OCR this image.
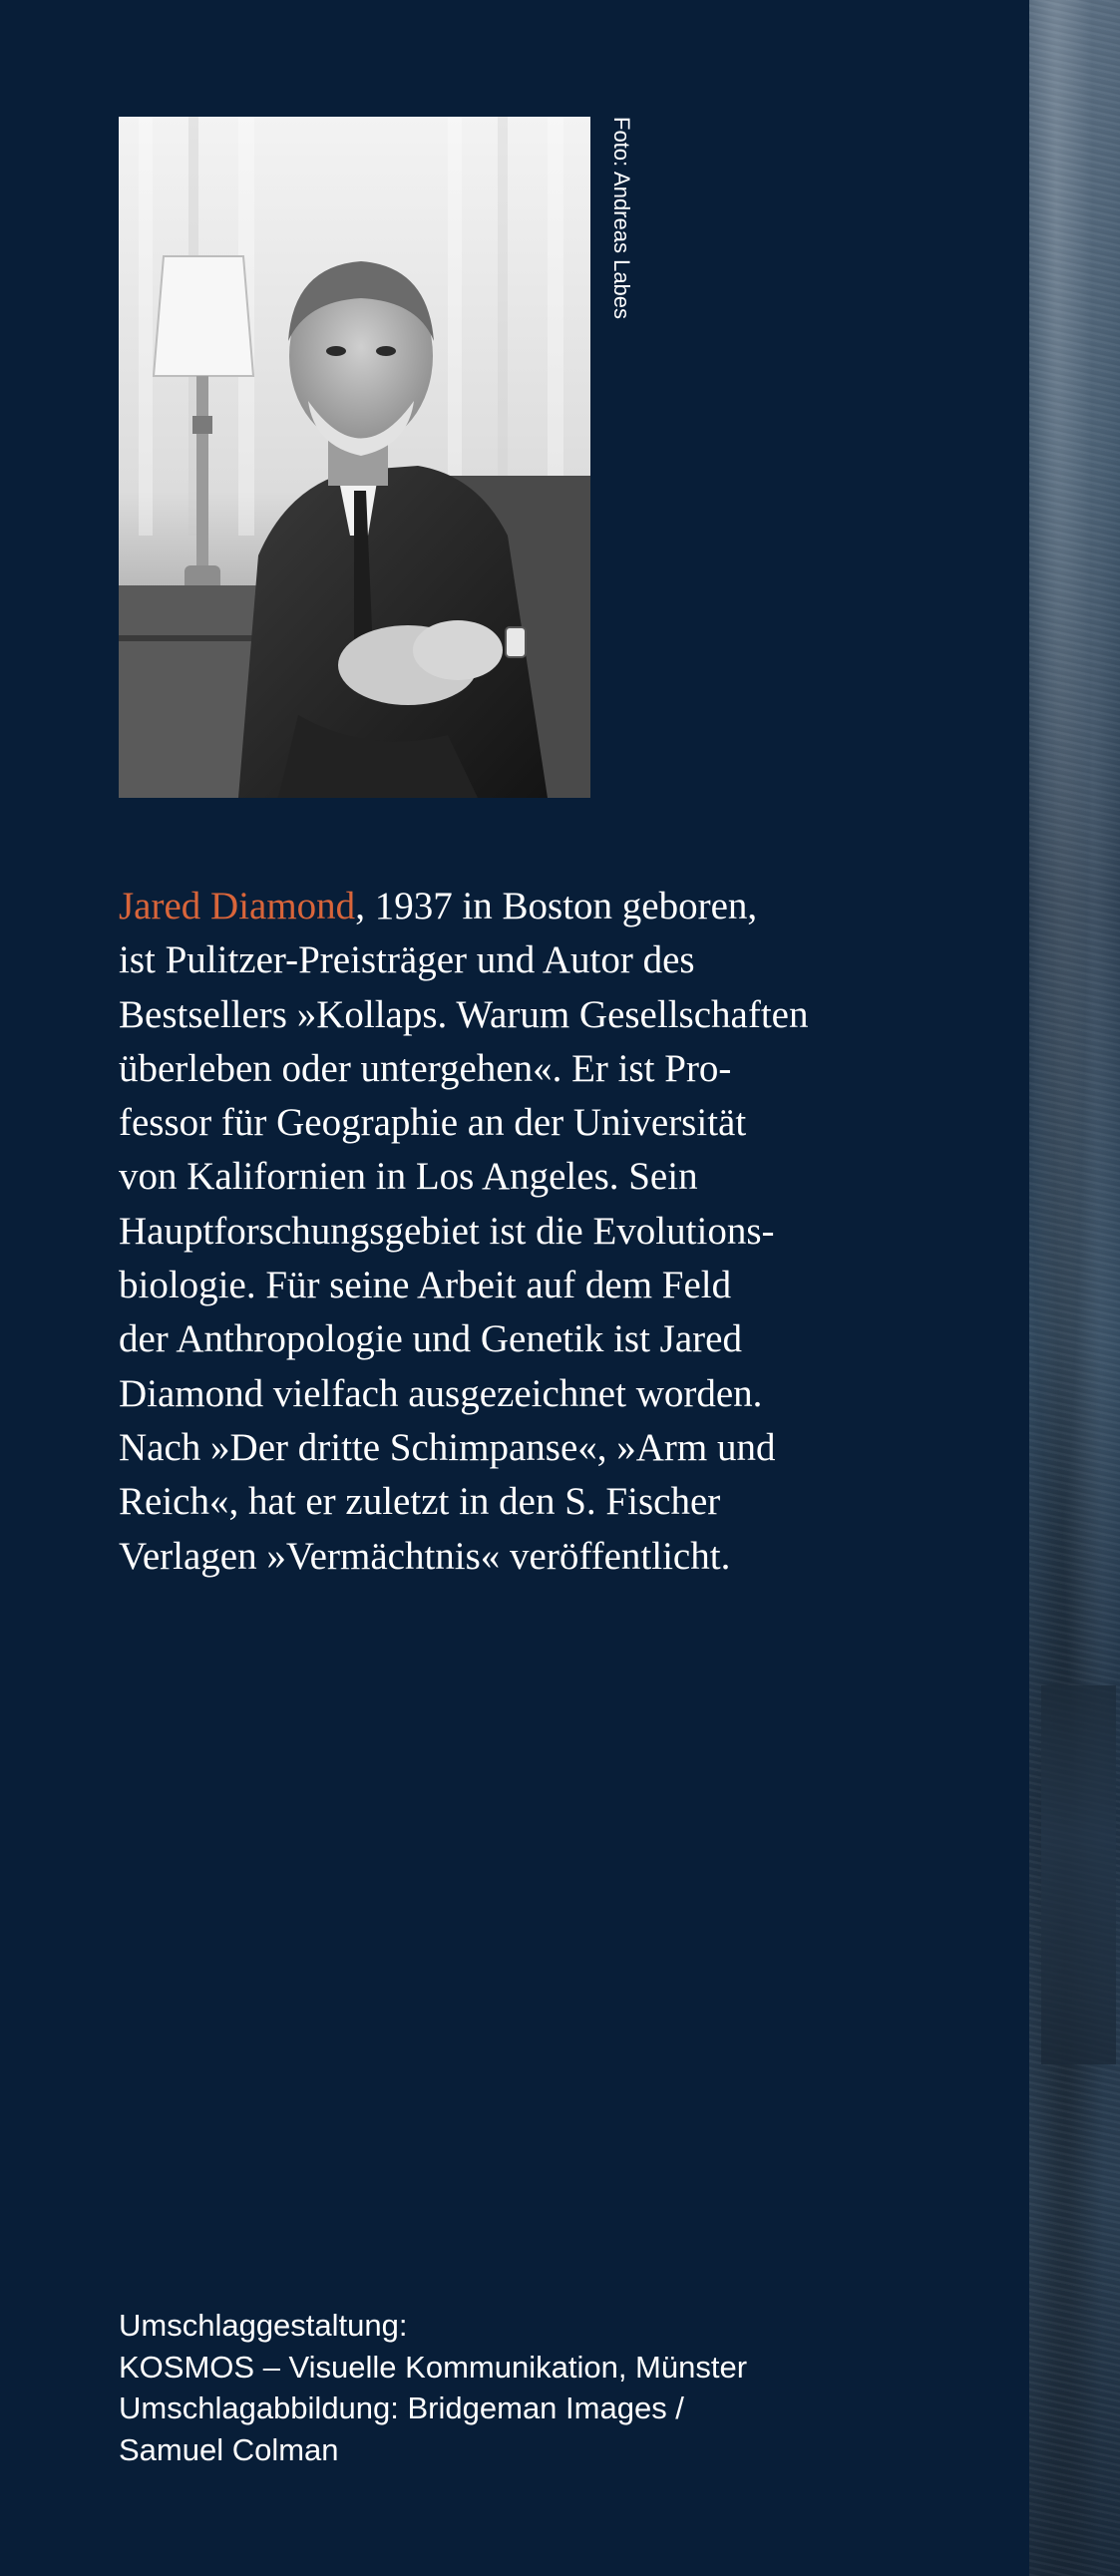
Foto: Andreas Labes

Jared Diamond, 1937 in Boston geboren,
ist Pulitzer-Preisträger und Autor des
Bestsellers »Kollaps. Warum Gesellschaften
überleben oder untergehen«. Er ist Pro-
fessor für Geographie an der Universität
von Kalifornien in Los Angeles. Sein
Hauptforschungsgebiet ist die Evolutions-
biologie. Für seine Arbeit auf dem Feld
der Anthropologie und Genetik ist Jared
Diamond vielfach ausgezeichnet worden.
Nach »Der dritte Schimpanse«, »Arm und
Reich«, hat er zuletzt in den S. Fischer
Verlagen »Vermächtnis« veröffentlicht.

Umschlaggestaltung:
KOSMOS – Visuelle Kommunikation, Münster
Umschlagabbildung: Bridgeman Images /
Samuel Colman
